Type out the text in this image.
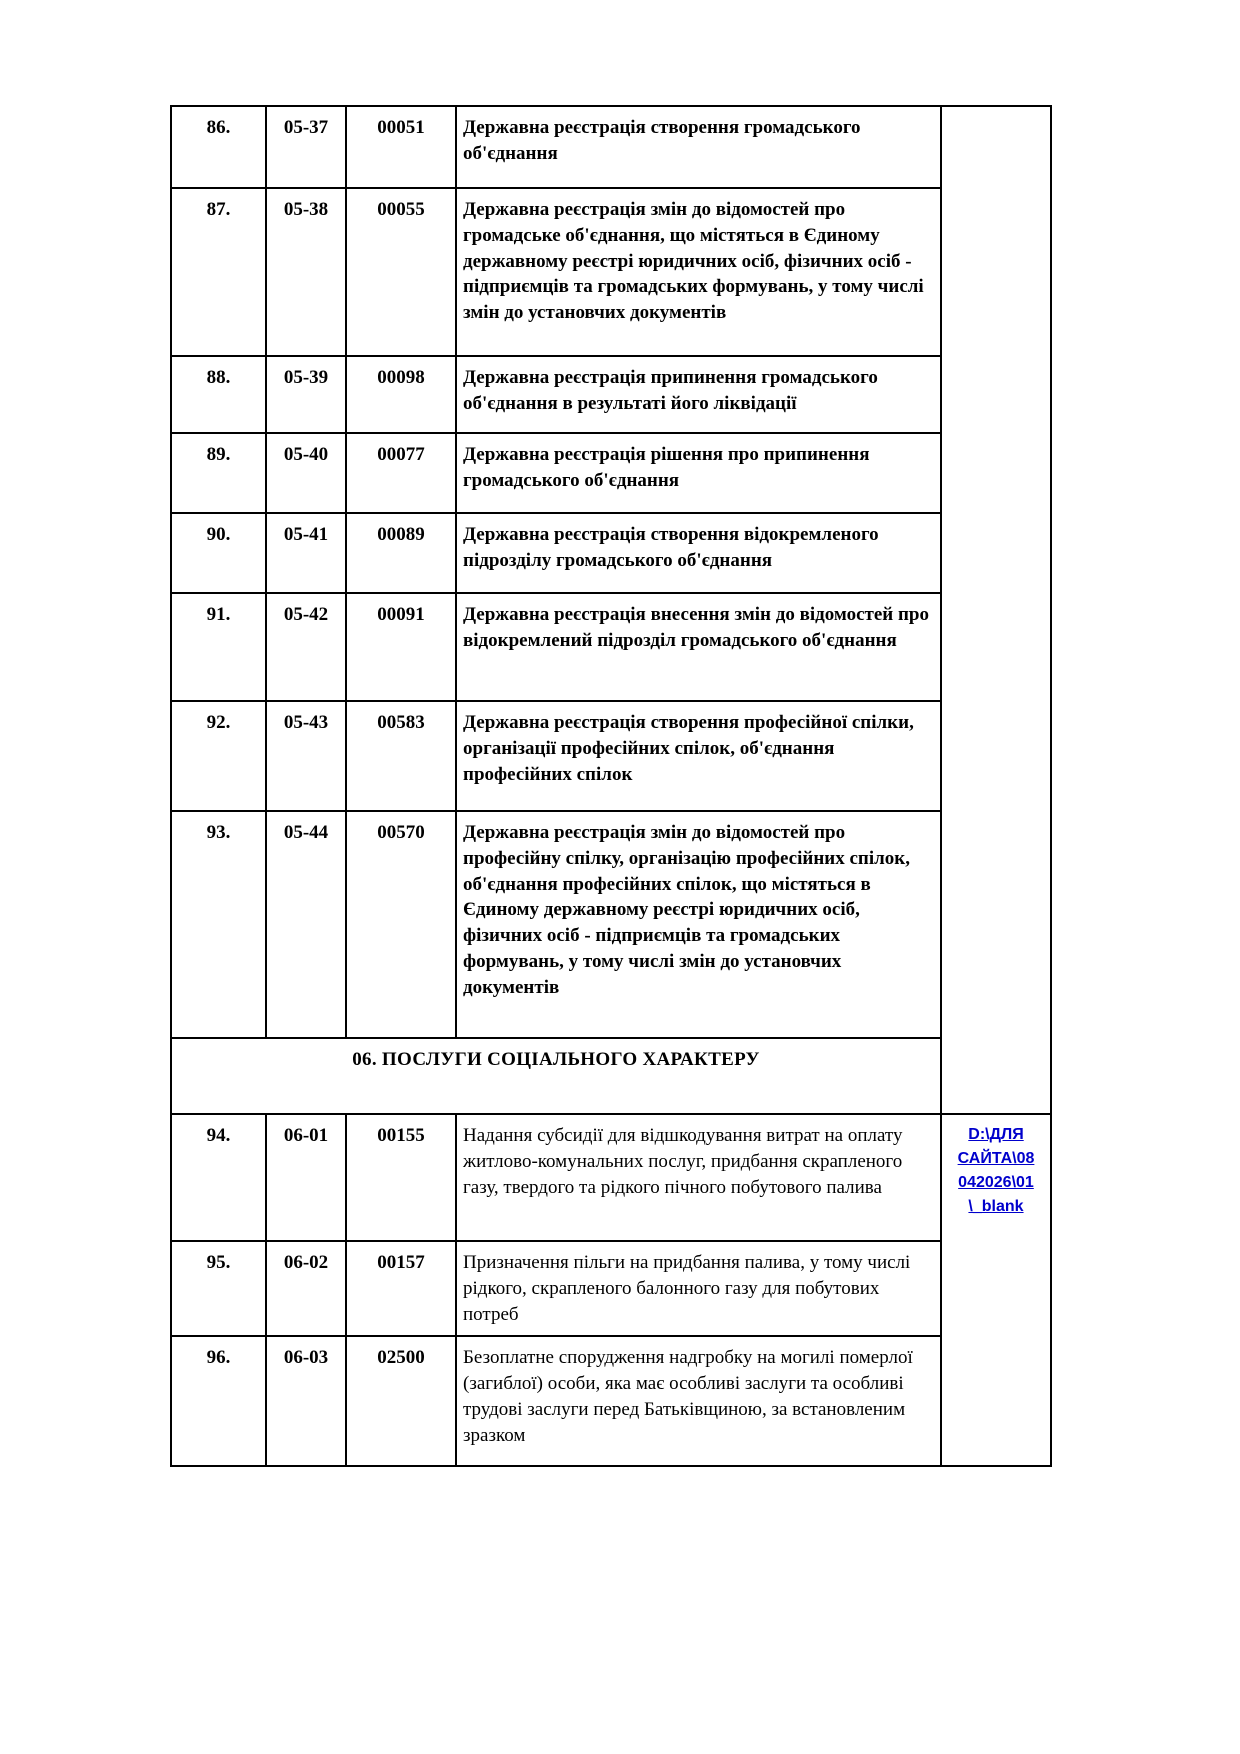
86.	05-37	00051	Державна реєстрація створення громадського об'єднання	
87.	05-38	00055	Державна реєстрація змін до відомостей про громадське об'єднання, що містяться в Єдиному державному реєстрі юридичних осіб, фізичних осіб - підприємців та громадських формувань, у тому числі змін до установчих документів	
88.	05-39	00098	Державна реєстрація припинення громадського об'єднання в результаті його ліквідації	
89.	05-40	00077	Державна реєстрація рішення про припинення громадського об'єднання	
90.	05-41	00089	Державна реєстрація створення відокремленого підрозділу громадського об'єднання	
91.	05-42	00091	Державна реєстрація внесення змін до відомостей про відокремлений підрозділ громадського об'єднання	
92.	05-43	00583	Державна реєстрація створення професійної спілки, організації професійних спілок, об'єднання професійних спілок	
93.	05-44	00570	Державна реєстрація змін до відомостей про професійну спілку, організацію професійних спілок, об'єднання професійних спілок, що містяться в Єдиному державному реєстрі юридичних осіб, фізичних осіб - підприємців та громадських формувань, у тому числі змін до установчих документів	
06. ПОСЛУГИ СОЦІАЛЬНОГО ХАРАКТЕРУ				
94.	06-01	00155	Надання субсидії для відшкодування витрат на оплату житлово-комунальних послуг, придбання скрапленого газу, твердого та рідкого пічного побутового палива	D:\ДЛЯ
САЙТА\08
042026\01
\_blank

95.	06-02	00157	Призначення пільги на придбання палива, у тому числі рідкого, скрапленого балонного газу для побутових потреб	
96.	06-03	02500	Безоплатне спорудження надгробку на могилі померлої (загиблої) особи, яка має особливі заслуги та особливі трудові заслуги перед Батьківщиною, за встановленим зразком	
